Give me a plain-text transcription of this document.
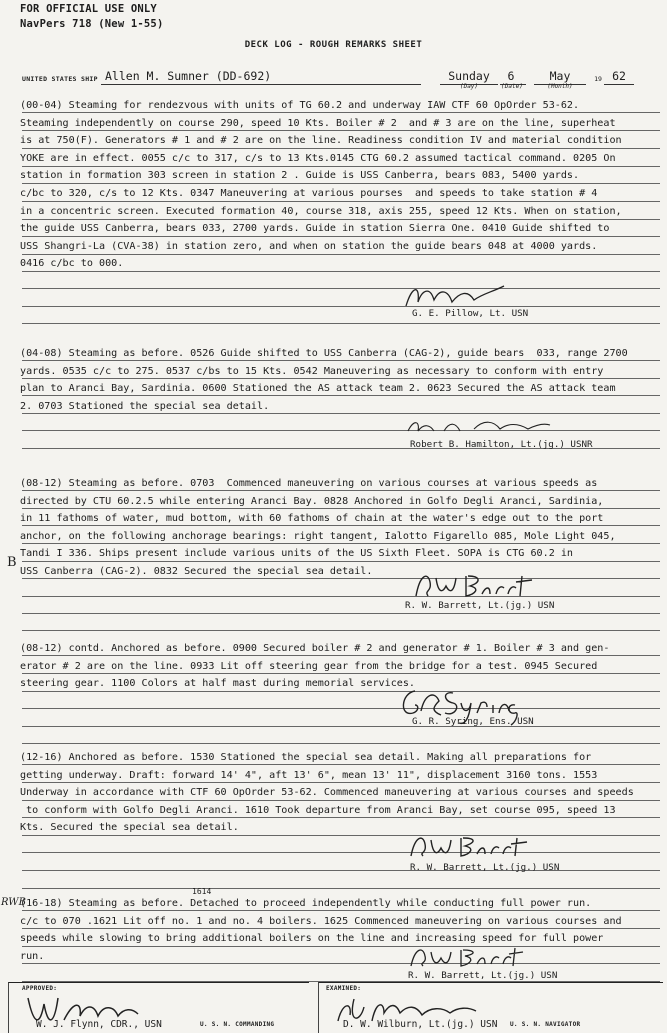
FOR OFFICIAL USE ONLY
NavPers 718 (New 1-55)
DECK LOG - ROUGH REMARKS SHEET
UNITED STATES SHIP Allen M. Sumner (DD-692)	Sunday	6	May	19 62
(Day)	(Date)	(Month)
(00-04) Steaming for rendezvous with units of TG 60.2 and underway IAW CTF 60 OpOrder 53-62.
Steaming independently on course 290, speed 10 Kts. Boiler # 2  and # 3 are on the line, superheat
is at 750(F). Generators # 1 and # 2 are on the line. Readiness condition IV and material condition
YOKE are in effect. 0055 c/c to 317, c/s to 13 Kts.0145 CTG 60.2 assumed tactical command. 0205 On
station in formation 303 screen in station 2 . Guide is USS Canberra, bears 083, 5400 yards.
c/bc to 320, c/s to 12 Kts. 0347 Maneuvering at various pourses  and speeds to take station # 4
in a concentric screen. Executed formation 40, course 318, axis 255, speed 12 Kts. When on station,
the guide USS Canberra, bears 033, 2700 yards. Guide in station Sierra One. 0410 Guide shifted to
USS Shangri-La (CVA-38) in station zero, and when on station the guide bears 048 at 4000 yards.
0416 c/bc to 000.
G. E. Pillow, Lt. USN
(04-08) Steaming as before. 0526 Guide shifted to USS Canberra (CAG-2), guide bears  033, range 2700
yards. 0535 c/c to 275. 0537 c/bs to 15 Kts. 0542 Maneuvering as necessary to conform with entry
plan to Aranci Bay, Sardinia. 0600 Stationed the AS attack team 2. 0623 Secured the AS attack team
2. 0703 Stationed the special sea detail.
Robert B. Hamilton, Lt.(jg.) USNR
(08-12) Steaming as before. 0703  Commenced maneuvering on various courses at various speeds as
directed by CTU 60.2.5 while entering Aranci Bay. 0828 Anchored in Golfo Degli Aranci, Sardinia,
in 11 fathoms of water, mud bottom, with 60 fathoms of chain at the water's edge out to the port
anchor, on the following anchorage bearings: right tangent, Ialotto Figarello 085, Mole Light 045,
Tandi I 336. Ships present include various units of the US Sixth Fleet. SOPA is CTG 60.2 in
USS Canberra (CAG-2). 0832 Secured the special sea detail.
R. W. Barrett, Lt.(jg.) USN
B
(08-12) contd. Anchored as before. 0900 Secured boiler # 2 and generator # 1. Boiler # 3 and gen-
erator # 2 are on the line. 0933 Lit off steering gear from the bridge for a test. 0945 Secured
steering gear. 1100 Colors at half mast during memorial services.
G. R. Syring, Ens. USN
(12-16) Anchored as before. 1530 Stationed the special sea detail. Making all preparations for
getting underway. Draft: forward 14' 4", aft 13' 6", mean 13' 11", displacement 3160 tons. 1553
Underway in accordance with CTF 60 OpOrder 53-62. Commenced maneuvering at various courses and speeds
to conform with Golfo Degli Aranci. 1610 Took departure from Aranci Bay, set course 095, speed 13
Kts. Secured the special sea detail.
R. W. Barrett, Lt.(jg.) USN
1614
RWB
(16-18) Steaming as before. Detached to proceed independently while conducting full power run.
c/c to 070 .1621 Lit off no. 1 and no. 4 boilers. 1625 Commenced maneuvering on various courses and
speeds while slowing to bring additional boilers on the line and increasing speed for full power
run.
R. W. Barrett, Lt.(jg.) USN
APPROVED:	EXAMINED:
W. J. Flynn, CDR., USN	U. S. N. COMMANDING	D. W. Wilburn, Lt.(jg.) USN U. S. N. NAVIGATOR
